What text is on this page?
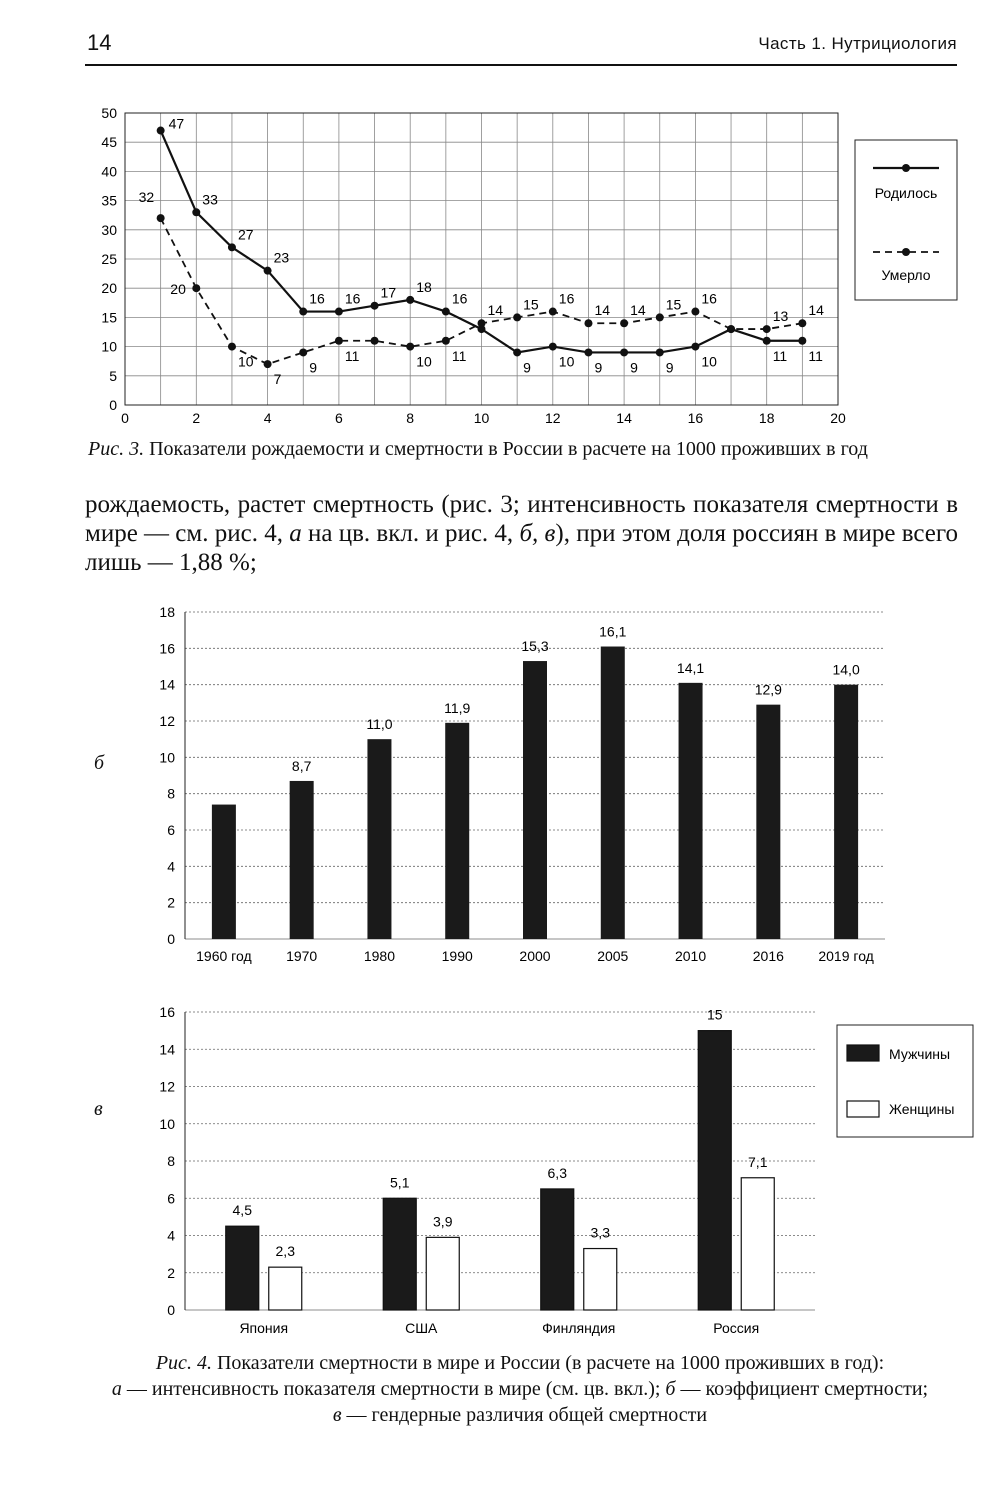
14	Часть 1. Нутрициология
0
5
10
15
20
25
30
35
40
45
50
0	2	4	6	8	10	12	14	16	18	20
47
33
27
23
16 16 17 18
16
9 10 9 9 9 10	11 11
32
20
10
7
9
11	10 11
14 15 16
14 14 15 16
13 14
Родилось
Умерло
Рис. 3. Показатели рождаемости и смертности в России в расчете на 1000 проживших в год
рождаемость, растет смертность (рис. 3; интенсивность показателя смертности в мире — см. рис. 4, а на цв. вкл. и рис. 4, б, в), при этом доля россиян в мире всего лишь — 1,88 %;
б
0
2
4
6
8
10
12
14
16
18
1960 год
8,7
1970
11,0
1980
11,9
1990
15,3
2000
16,1
2005
14,1
2010
12,9
2016
14,0
2019 год
в
0
2
4
6
8
10
12
14
16
4,5
2,3
Япония
5,1
3,9
США
6,3
3,3
Финляндия
15
7,1
Россия
Мужчины
Женщины
Рис. 4. Показатели смертности в мире и России (в расчете на 1000 проживших в год):
а — интенсивность показателя смертности в мире (см. цв. вкл.); б — коэффициент смертности;
в — гендерные различия общей смертности
